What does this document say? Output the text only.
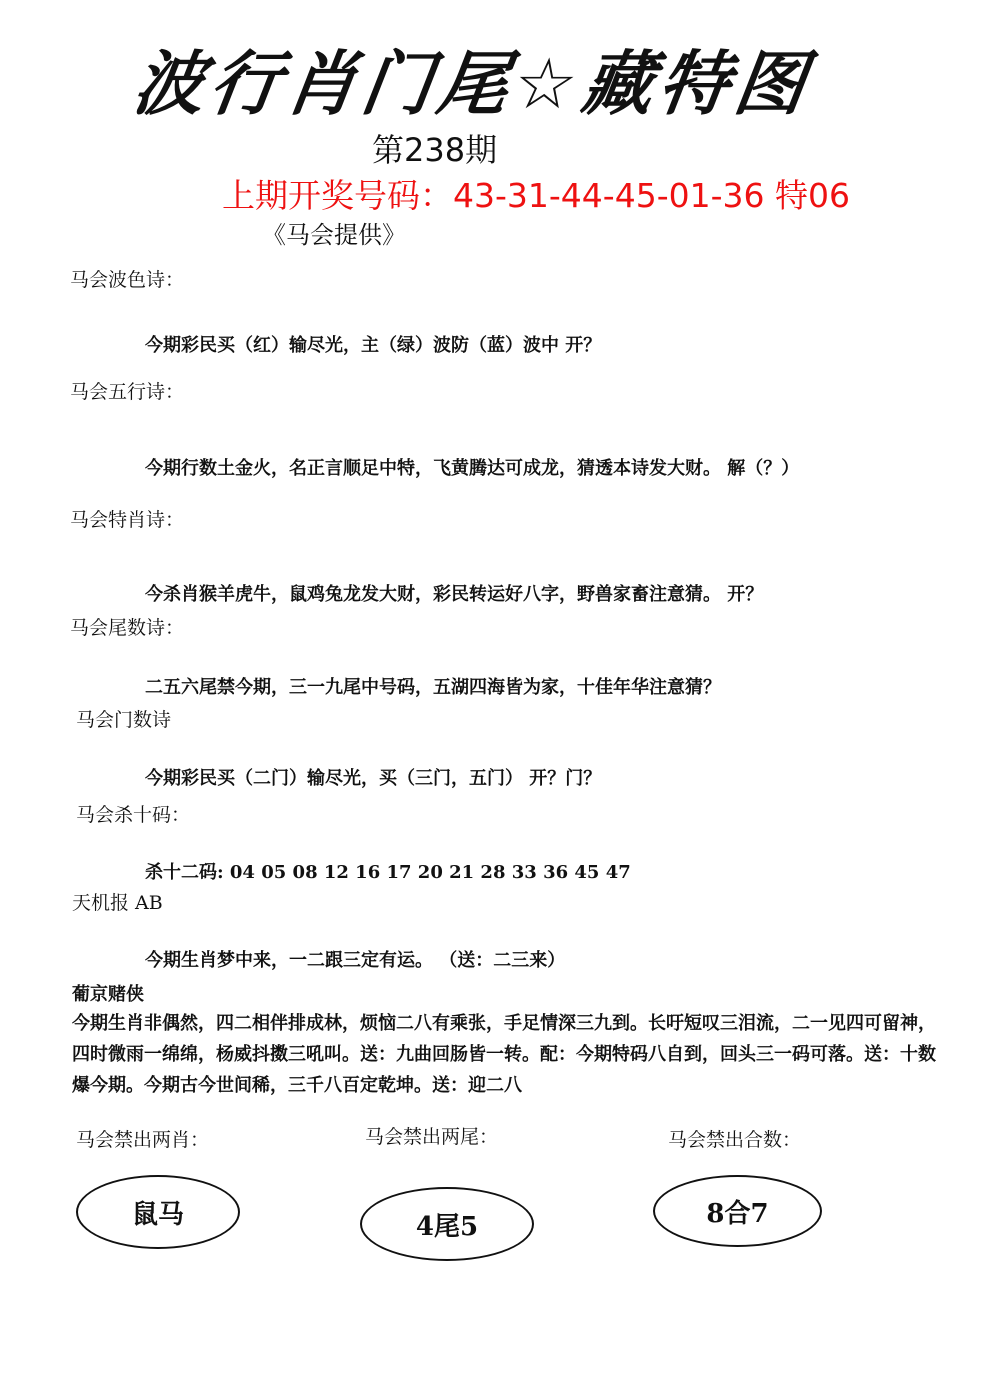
波行肖门尾☆藏特图
第238期
上期开奖号码：43-31-44-45-01-36 特06
《马会提供》
马会波色诗：
今期彩民买（红）输尽光，主（绿）波防（蓝）波中 开？
马会五行诗：
今期行数土金火，名正言顺足中特，飞黄腾达可成龙，猜透本诗发大财。 解（？）
马会特肖诗：
今杀肖猴羊虎牛，鼠鸡兔龙发大财，彩民转运好八字，野兽家畜注意猜。 开？
马会尾数诗：
二五六尾禁今期，三一九尾中号码，五湖四海皆为家，十佳年华注意猜？
马会门数诗
今期彩民买（二门）输尽光，买（三门，五门） 开？门？
马会杀十码：
杀十二码: 04 05 08 12 16 17 20 21 28 33 36 45 47
天机报 AB
今期生肖梦中来，一二跟三定有运。 （送：二三来）
葡京赌侠
今期生肖非偶然，四二相伴排成林，烦恼二八有乘张，手足情深三九到。长吁短叹三泪流，二一见四可留神，四时微雨一绵绵，杨威抖擞三吼叫。送：九曲回肠皆一转。配：今期特码八自到，回头三一码可落。送：十数爆今期。今期古今世间稀，三千八百定乾坤。送：迎二八
马会禁出两肖：	马会禁出两尾：	马会禁出合数：
鼠马	4尾5	8合7
